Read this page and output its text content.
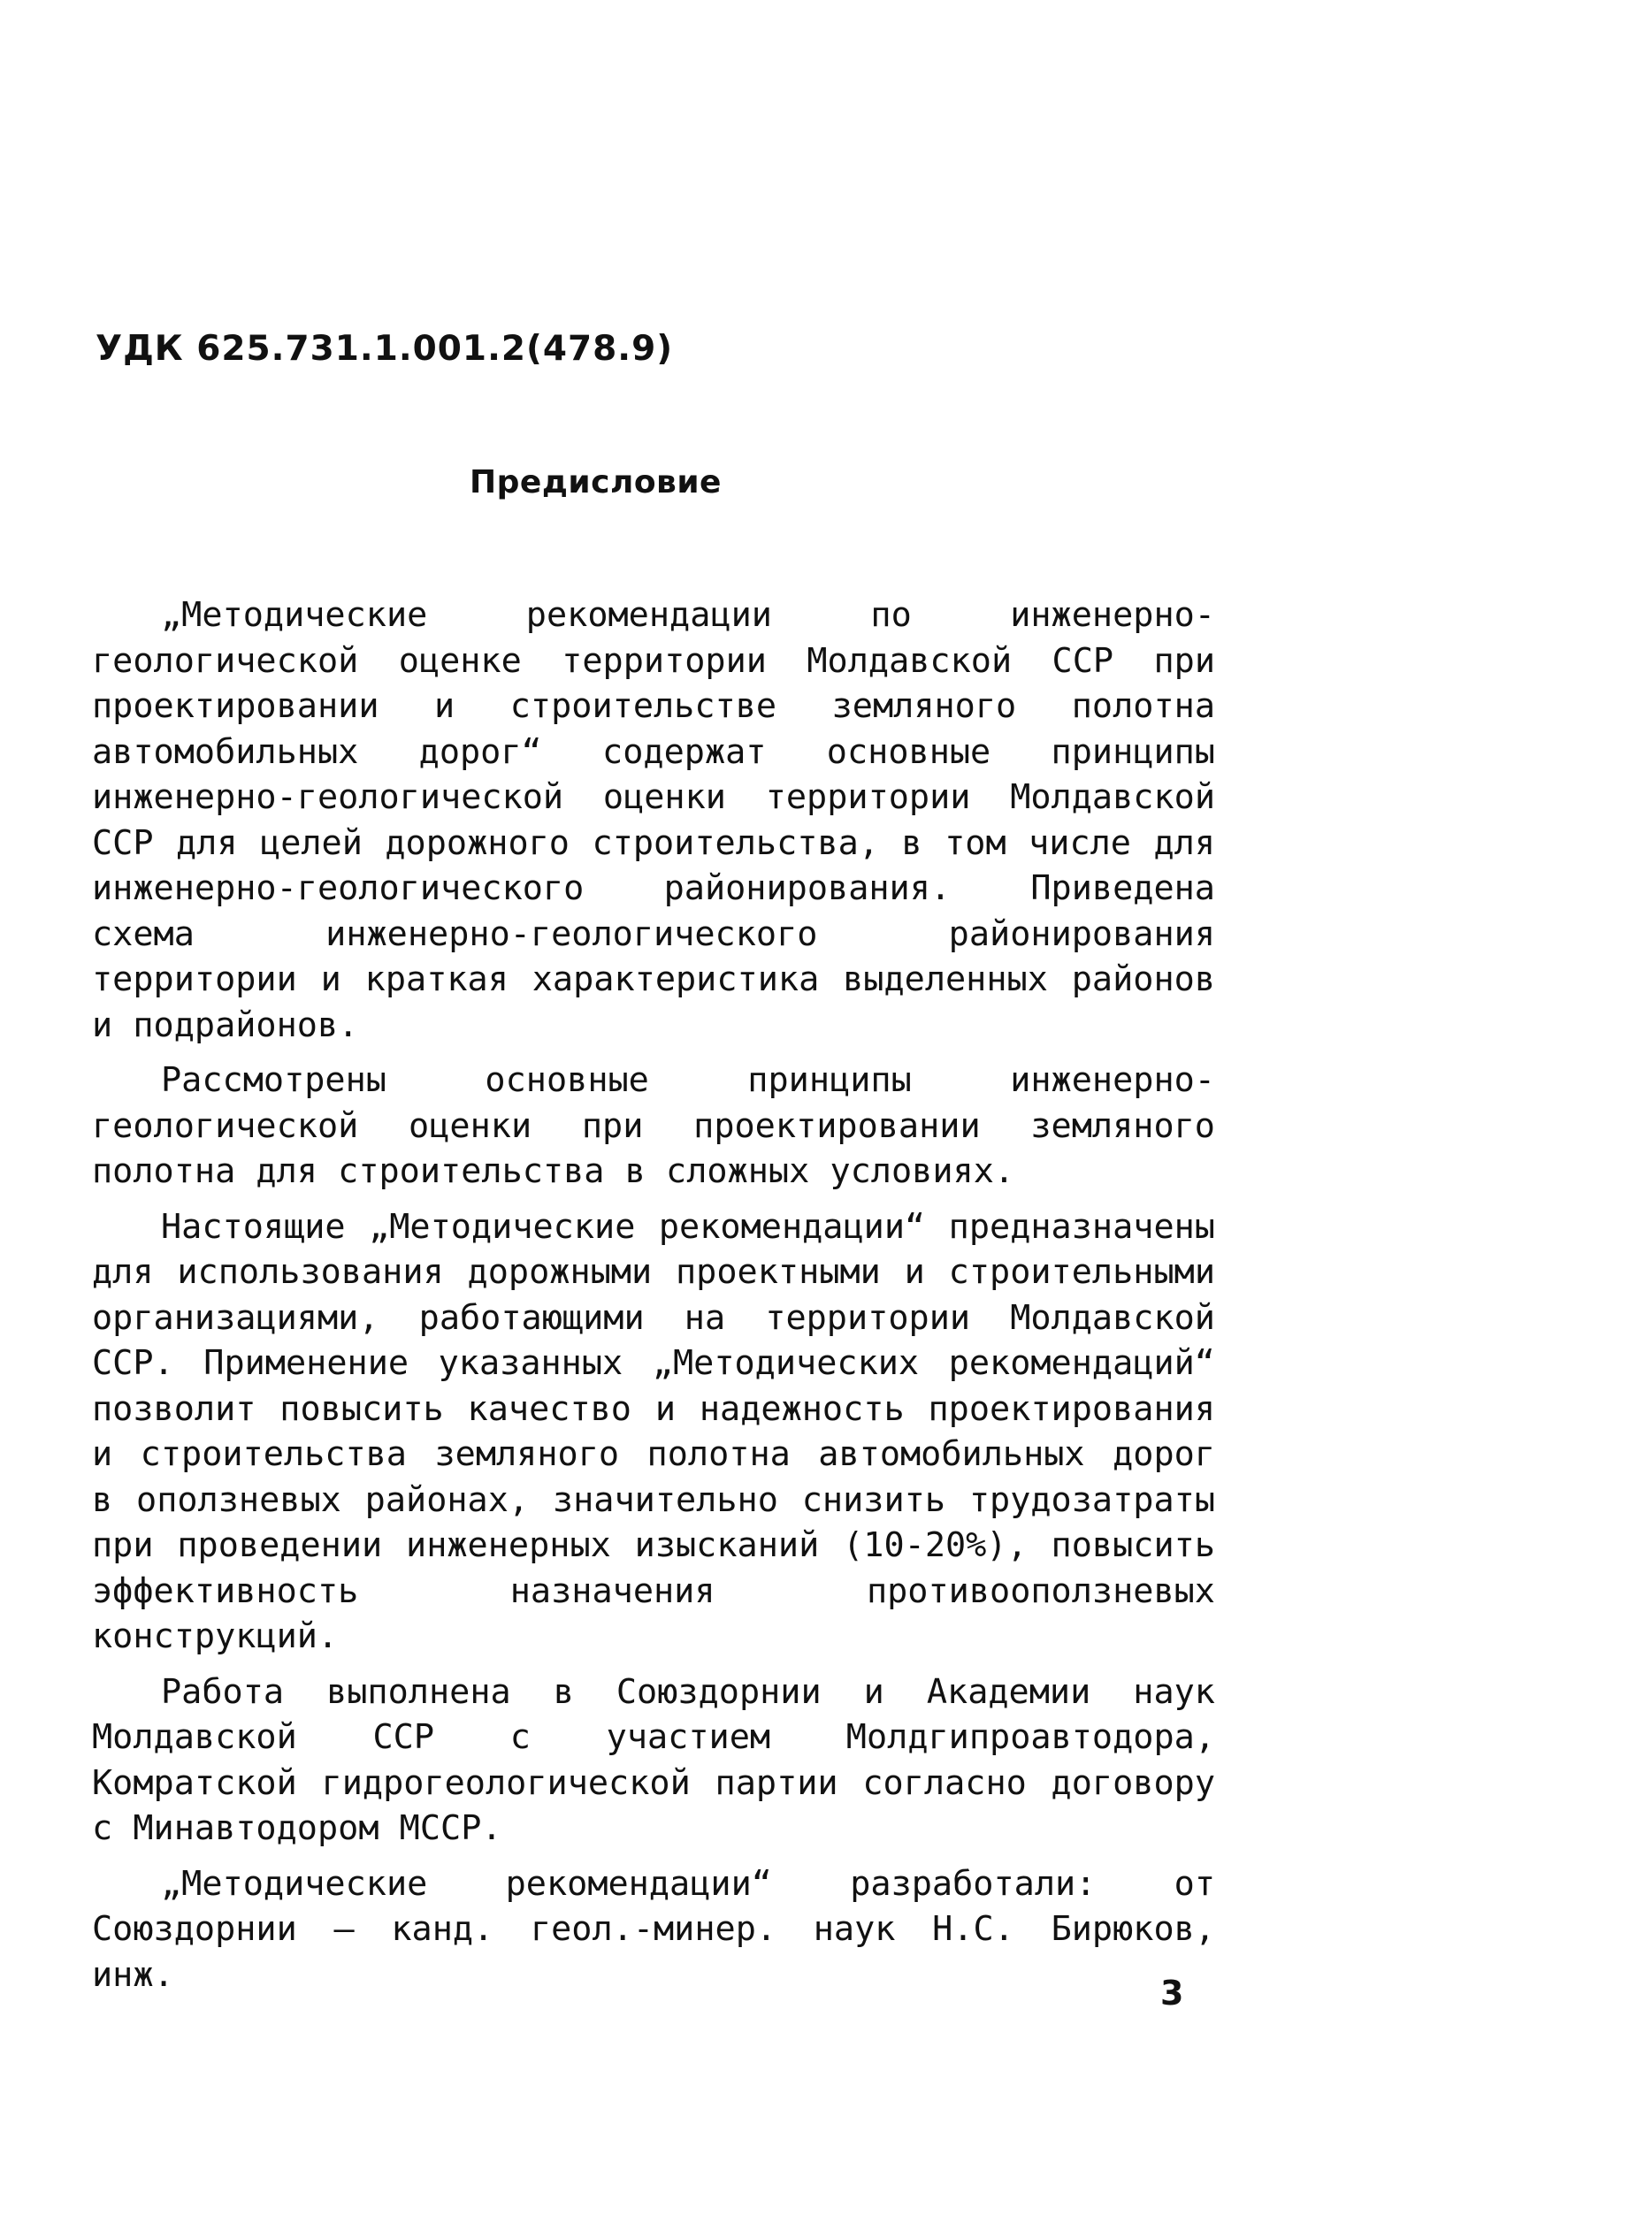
УДК 625.731.1.001.2(478.9)
Предисловие

„Методические рекомендации по инженерно-геологической оценке территории Молдавской ССР при проектировании и строительстве земляного полотна автомобильных дорог“ содержат основные принципы инженерно-геологической оценки территории Молдавской ССР для целей дорожного строительства, в том числе для инженерно-геологического районирования. Приведена схема инженерно-геологического районирования территории и краткая характеристика выделенных районов и подрайонов.

Рассмотрены основные принципы инженерно-геологической оценки при проектировании земляного полотна для строительства в сложных условиях.

Настоящие „Методические рекомендации“ предназначены для использования дорожными проектными и строительными организациями, работающими на территории Молдавской ССР. Применение указанных „Методических рекомендаций“ позволит повысить качество и надежность проектирования и строительства земляного полотна автомобильных дорог в оползневых районах, значительно снизить трудозатраты при проведении инженерных изысканий (10-20%), повысить эффективность назначения противооползневых конструкций.

Работа выполнена в Союздорнии и Академии наук Молдавской ССР с участием Молдгипроавтодора, Комратской гидрогеологической партии согласно договору с Минавтодором МССР.

„Методические рекомендации“ разработали: от Союздорнии – канд. геол.-минер. наук Н.С. Бирюков, инж.	3
